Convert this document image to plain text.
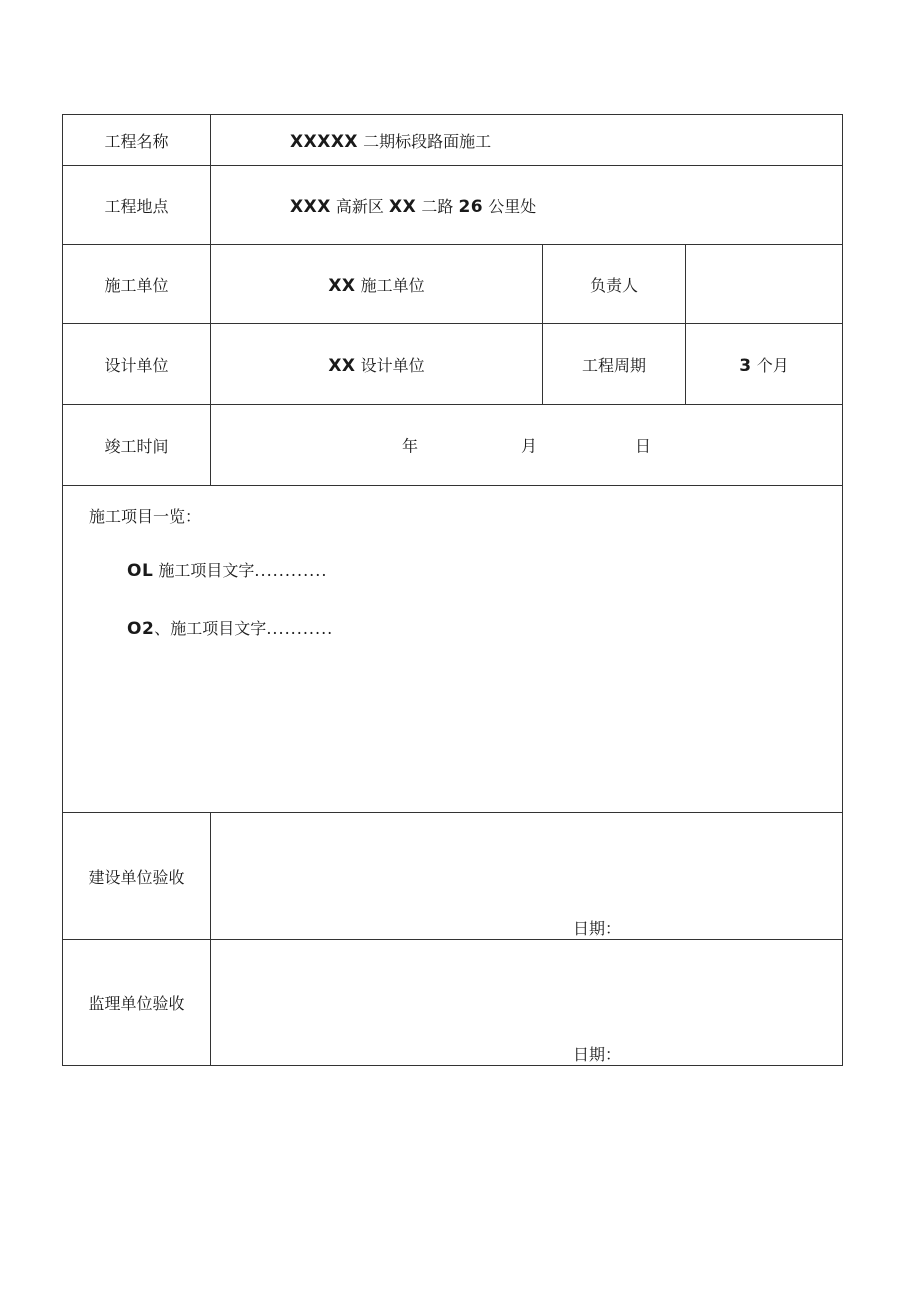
工程名称	XXXXX 二期标段路面施工		
工程地点	XXX 高新区 XX 二路 26 公里处		
施工单位	XX 施工单位	负责人	
设计单位	XX 设计单位	工程周期	3 个月
竣工时间	年 月 日		

施工项目一览：
OL 施工项目文字............
O2、施工项目文字...........			

建设单位验收	日期：		

监理单位验收	日期：		
